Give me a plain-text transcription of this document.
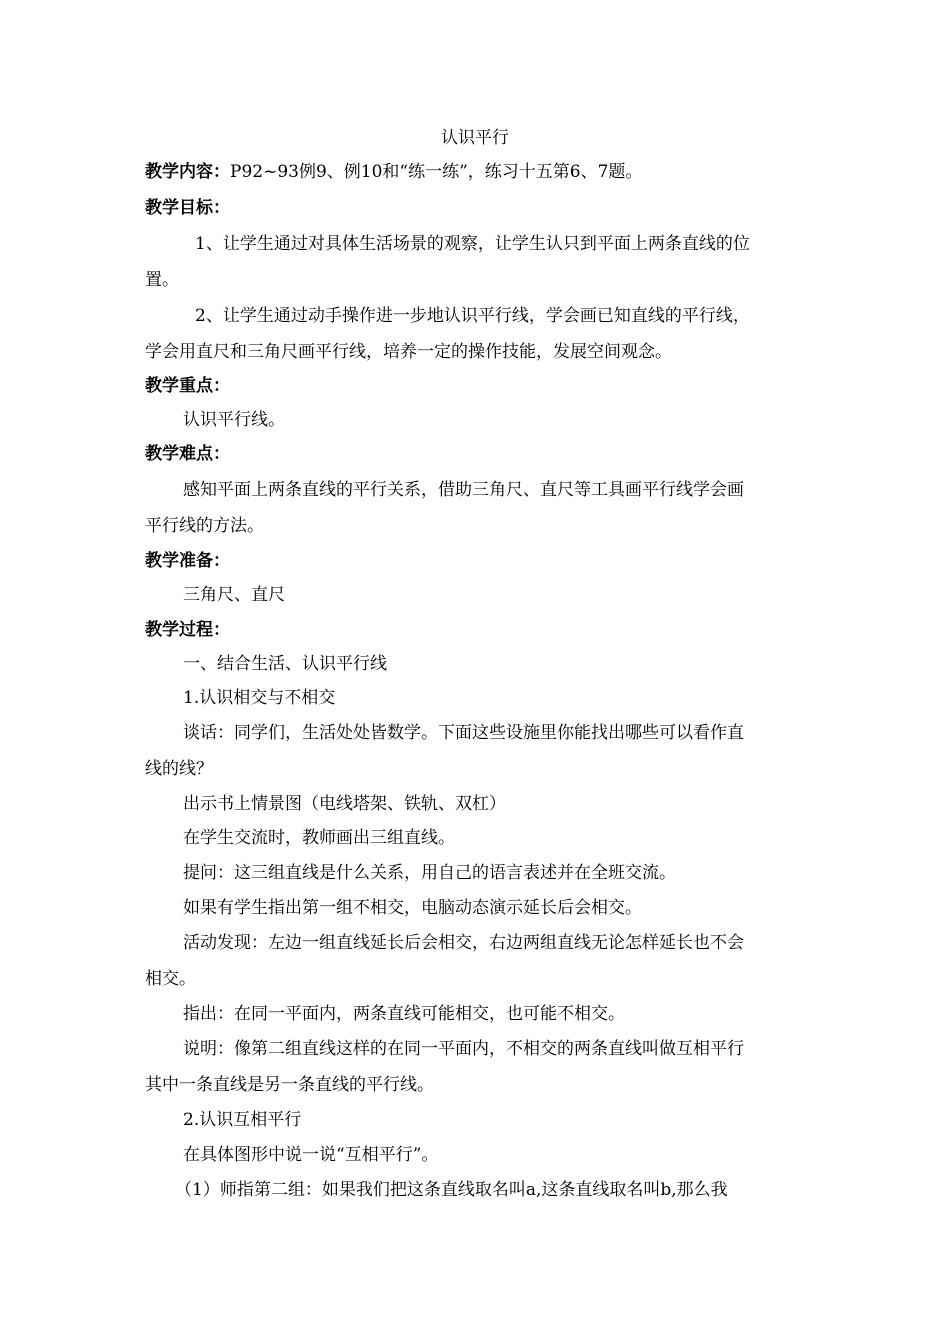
认识平行
教学内容：P92~93例9、例10和“练一练”，练习十五第6、7题。
教学目标：
1、让学生通过对具体生活场景的观察，让学生认只到平面上两条直线的位
置。
2、让学生通过动手操作进一步地认识平行线，学会画已知直线的平行线，
学会用直尺和三角尺画平行线，培养一定的操作技能，发展空间观念。
教学重点：
认识平行线。
教学难点：
感知平面上两条直线的平行关系，借助三角尺、直尺等工具画平行线学会画
平行线的方法。
教学准备：
三角尺、直尺
教学过程：
一、结合生活、认识平行线
1.认识相交与不相交
谈话：同学们，生活处处皆数学。下面这些设施里你能找出哪些可以看作直
线的线？
出示书上情景图（电线塔架、铁轨、双杠）
在学生交流时，教师画出三组直线。
提问：这三组直线是什么关系，用自己的语言表述并在全班交流。
如果有学生指出第一组不相交，电脑动态演示延长后会相交。
活动发现：左边一组直线延长后会相交，右边两组直线无论怎样延长也不会
相交。
指出：在同一平面内，两条直线可能相交，也可能不相交。
说明：像第二组直线这样的在同一平面内，不相交的两条直线叫做互相平行
其中一条直线是另一条直线的平行线。
2.认识互相平行
在具体图形中说一说“互相平行”。
（1）师指第二组：如果我们把这条直线取名叫a,这条直线取名叫b,那么我
